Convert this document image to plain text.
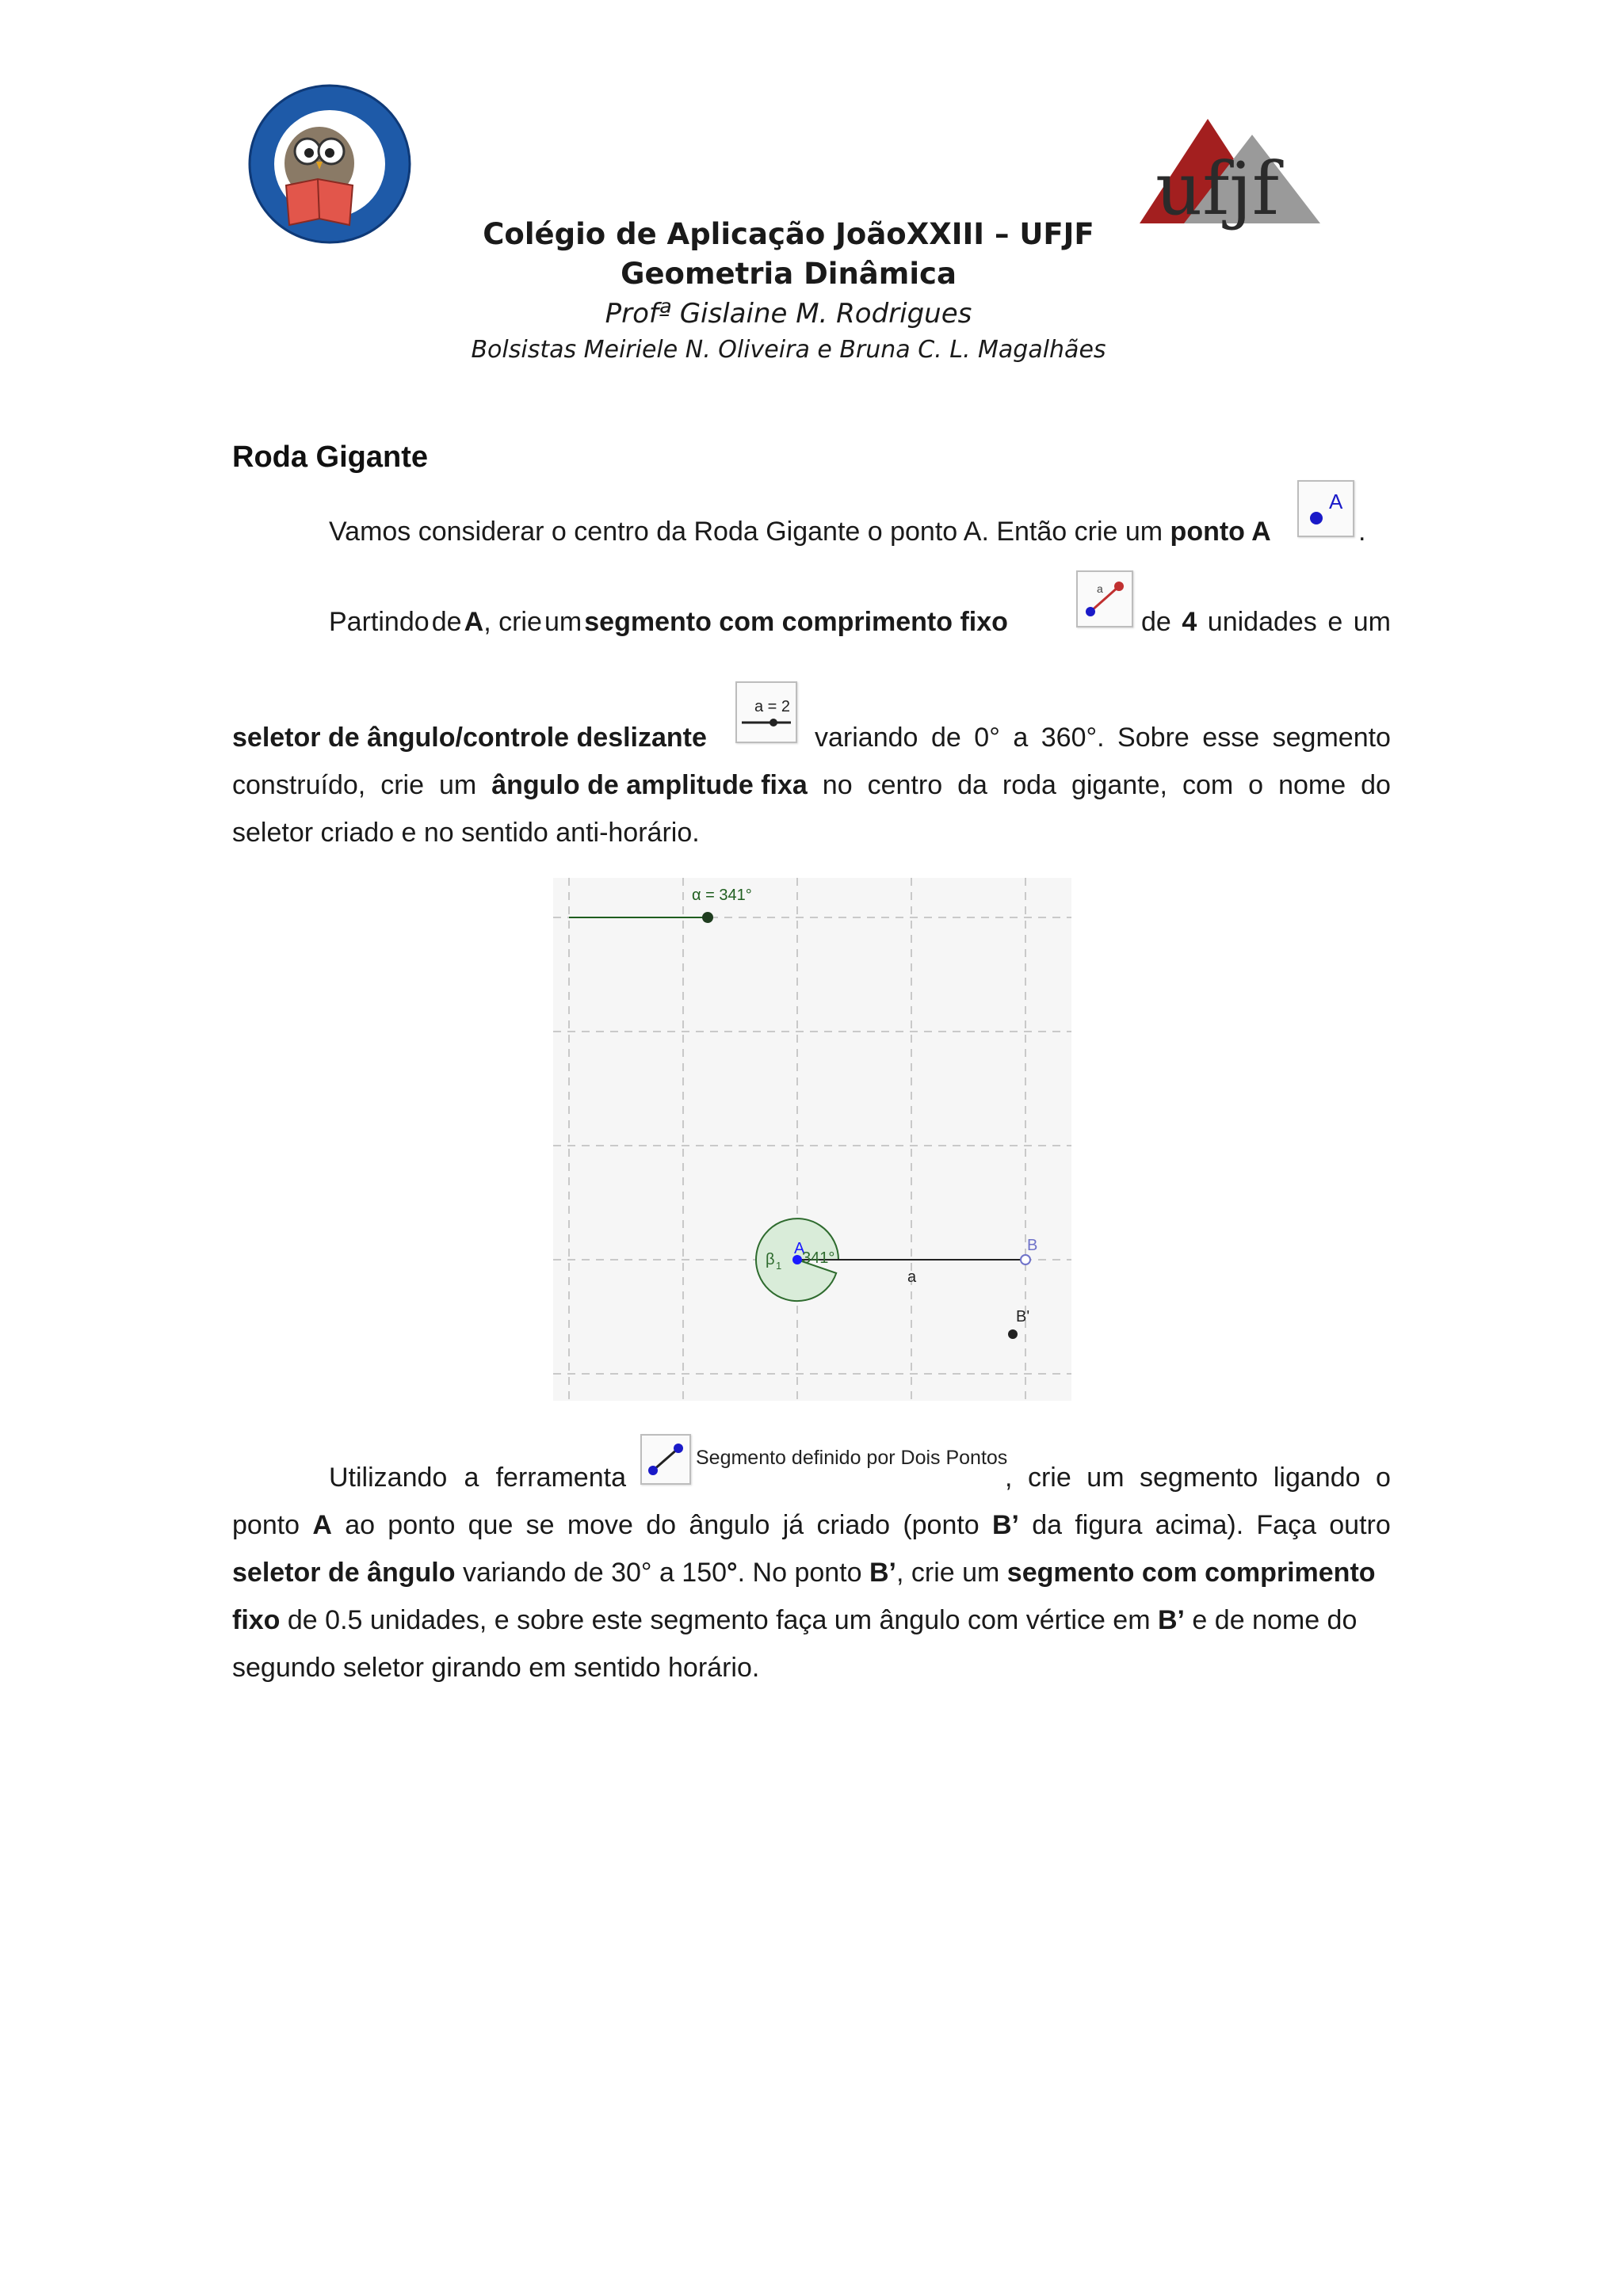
ufjf
Colégio de Aplicação JoãoXXIII – UFJF
Geometria Dinâmica
Profª Gislaine M. Rodrigues
Bolsistas Meiriele N. Oliveira e Bruna C. L. Magalhães
Roda Gigante
Vamos considerar o centro da Roda Gigante o ponto A. Então crie um ponto A
A
.
Partindo de A, crie um segmento com comprimento fixo
a
de 4 unidades e um
seletor de ângulo/controle deslizante
a = 2
variando de 0° a 360°. Sobre esse segmento
construído, crie um ângulo de amplitude fixa no centro da roda gigante, com o nome do
seletor criado e no sentido anti-horário.
α = 341°
A	B
B'
a
β 1 341°
Utilizando a ferramenta
Segmento definido por Dois Pontos
, crie um segmento ligando o
ponto A ao ponto que se move do ângulo já criado (ponto B’ da figura acima). Faça outro
seletor de ângulo variando de 30° a 150°. No ponto B’, crie um segmento com comprimento
fixo de 0.5 unidades, e sobre este segmento faça um ângulo com vértice em B’ e de nome do
segundo seletor girando em sentido horário.
